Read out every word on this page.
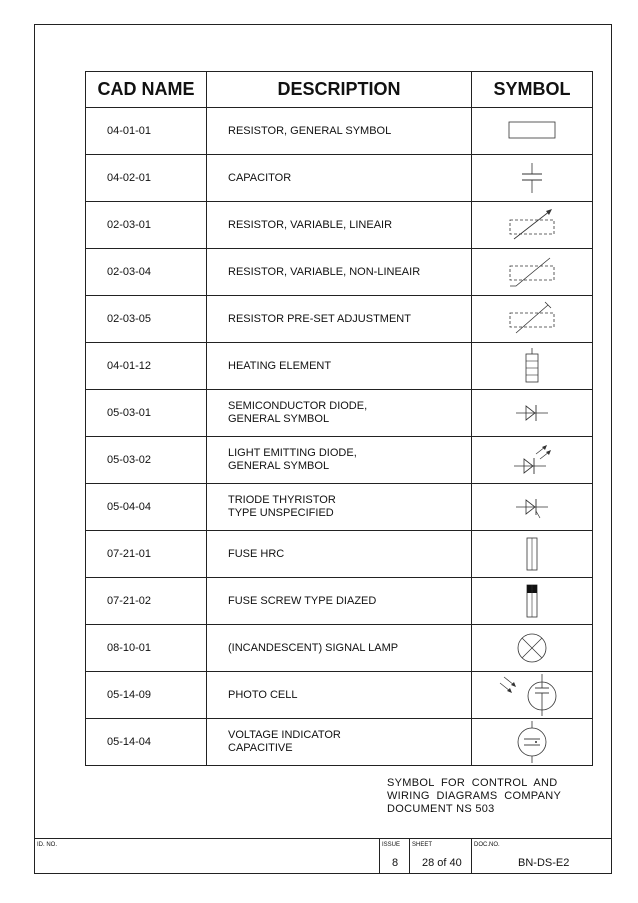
CAD NAME	DESCRIPTION	SYMBOL
04-01-01	RESISTOR, GENERAL SYMBOL

04-02-01	CAPACITOR

02-03-01	RESISTOR, VARIABLE, LINEAIR

02-03-04	RESISTOR, VARIABLE, NON-LINEAIR

02-03-05	RESISTOR PRE-SET ADJUSTMENT

04-01-12	HEATING ELEMENT

05-03-01	SEMICONDUCTOR DIODE,
GENERAL SYMBOL

05-03-02	LIGHT EMITTING DIODE,
GENERAL SYMBOL

05-04-04	TRIODE THYRISTOR
TYPE UNSPECIFIED

07-21-01	FUSE HRC

07-21-02	FUSE SCREW TYPE DIAZED

08-10-01	(INCANDESCENT) SIGNAL LAMP

05-14-09	PHOTO CELL

05-14-04	VOLTAGE INDICATOR
CAPACITIVE

SYMBOL  FOR  CONTROL  AND
WIRING  DIAGRAMS  COMPANY
DOCUMENT NS 503
ID. NO.	ISSUE
8
SHEET
28 of 40
DOC.NO.
BN-DS-E2
